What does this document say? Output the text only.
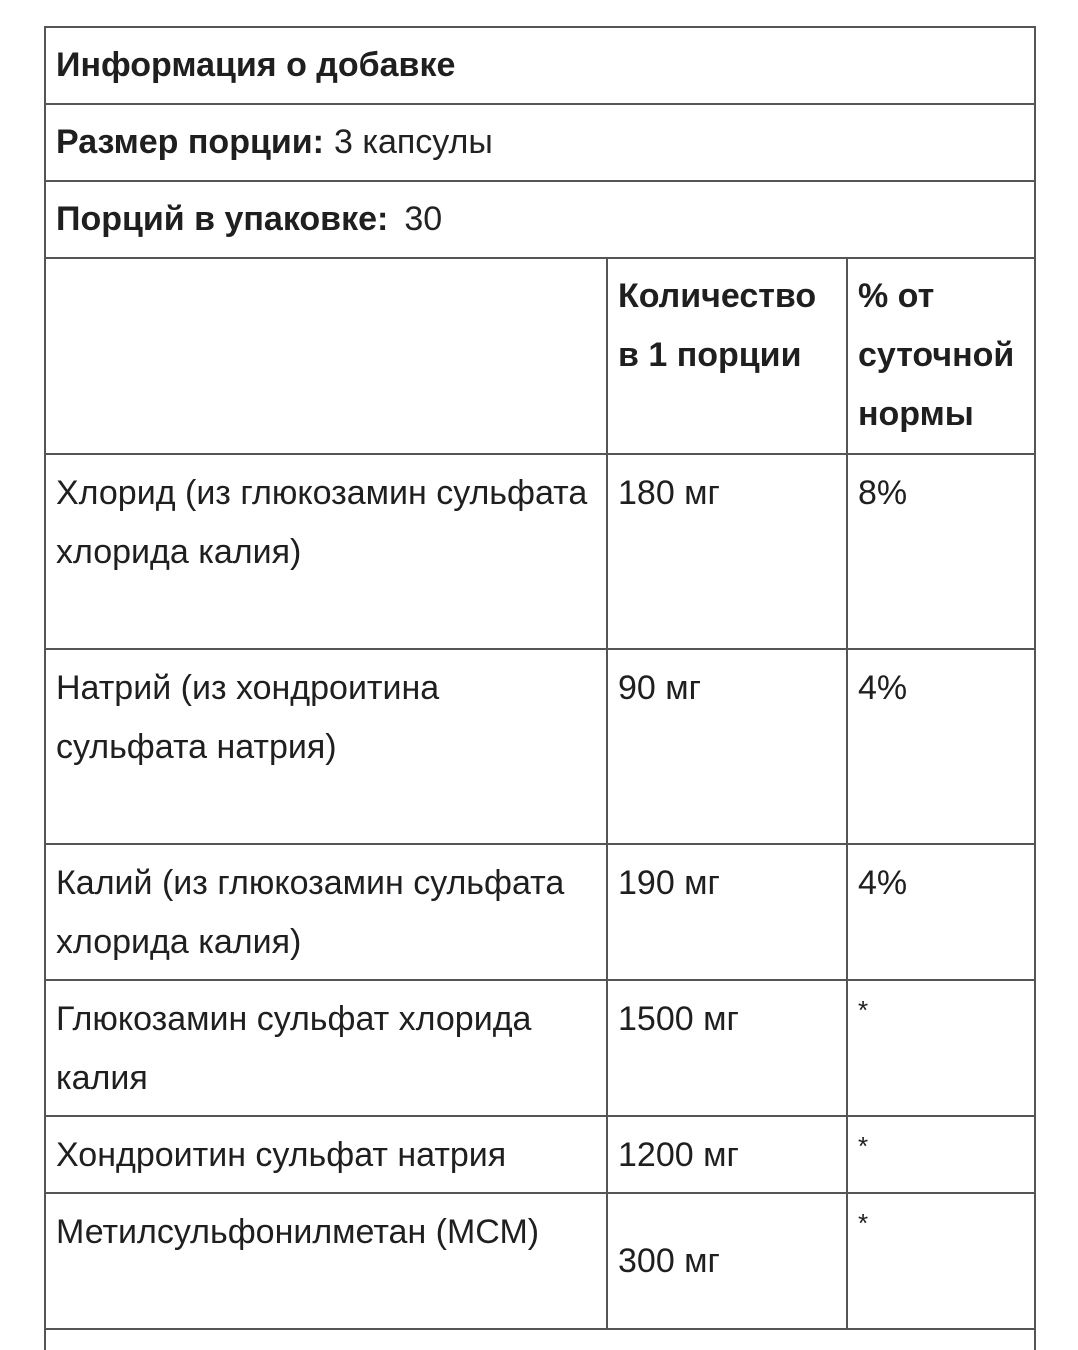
Информация о добавке
Размер порции: 3 капсулы
Порций в упаковке: 30
	Количество в 1 порции	% от суточной нормы
Хлорид (из глюкозамин сульфата хлорида калия)	180 мг	8%
Натрий (из хондроитина сульфата натрия)	90 мг	4%
Калий (из глюкозамин сульфата хлорида калия)	190 мг	4%
Глюкозамин сульфат хлорида калия	1500 мг	*
Хондроитин сульфат натрия	1200 мг	*
Метилсульфонилметан (МСМ)	300 мг	*
